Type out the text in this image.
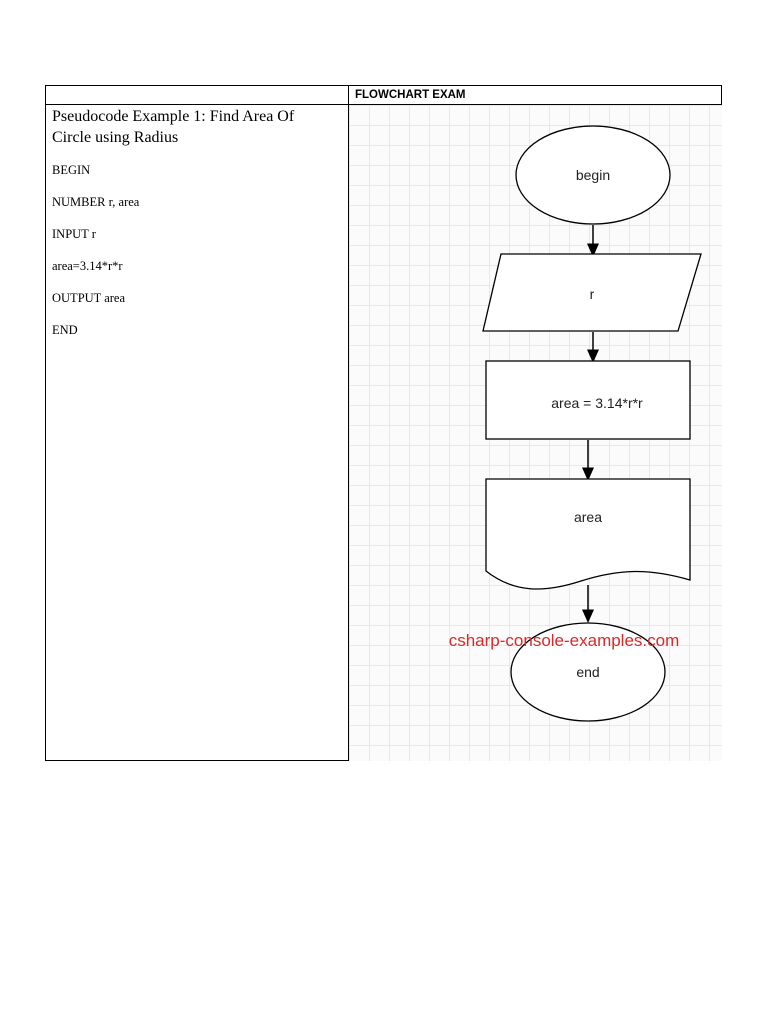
FLOWCHART EXAM
Pseudocode Example 1: Find Area Of
Circle using Radius
BEGIN
NUMBER r, area
INPUT r
area=3.14*r*r
OUTPUT area
END
begin
r
area = 3.14*r*r
area
end
csharp-console-examples.com
